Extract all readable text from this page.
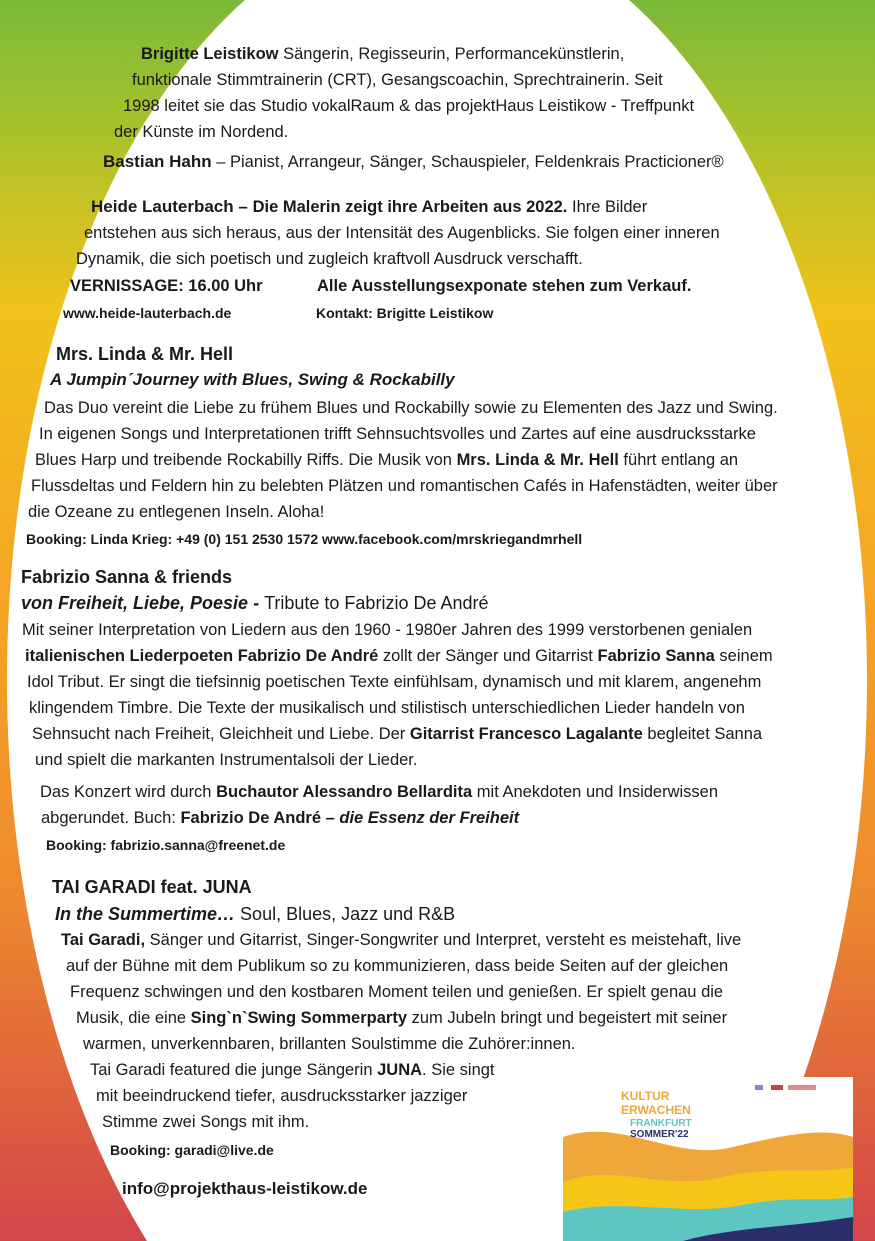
Brigitte Leistikow Sängerin, Regisseurin, Performancekünstlerin,
funktionale Stimmtrainerin (CRT), Gesangscoachin, Sprechtrainerin. Seit
1998 leitet sie das Studio vokalRaum & das projektHaus Leistikow - Treffpunkt
der Künste im Nordend.
Bastian Hahn – Pianist, Arrangeur, Sänger, Schauspieler, Feldenkrais Practicioner®
Heide Lauterbach – Die Malerin zeigt ihre Arbeiten aus 2022. Ihre Bilder
entstehen aus sich heraus, aus der Intensität des Augenblicks. Sie folgen einer inneren
Dynamik, die sich poetisch und zugleich kraftvoll Ausdruck verschafft.
VERNISSAGE: 16.00 Uhr	Alle Ausstellungsexponate stehen zum Verkauf.
www.heide-lauterbach.de	Kontakt: Brigitte Leistikow
Mrs. Linda & Mr. Hell
A Jumpin´Journey with Blues, Swing & Rockabilly
Das Duo vereint die Liebe zu frühem Blues und Rockabilly sowie zu Elementen des Jazz und Swing.
In eigenen Songs und Interpretationen trifft Sehnsuchtsvolles und Zartes auf eine ausdrucksstarke
Blues Harp und treibende Rockabilly Riffs. Die Musik von Mrs. Linda & Mr. Hell führt entlang an
Flussdeltas und Feldern hin zu belebten Plätzen und romantischen Cafés in Hafenstädten, weiter über
die Ozeane zu entlegenen Inseln. Aloha!
Booking: Linda Krieg: +49 (0) 151 2530 1572 www.facebook.com/mrskriegandmrhell
Fabrizio Sanna & friends
von Freiheit, Liebe, Poesie - Tribute to Fabrizio De André
Mit seiner Interpretation von Liedern aus den 1960 - 1980er Jahren des 1999 verstorbenen genialen
italienischen Liederpoeten Fabrizio De André zollt der Sänger und Gitarrist Fabrizio Sanna seinem
Idol Tribut. Er singt die tiefsinnig poetischen Texte einfühlsam, dynamisch und mit klarem, angenehm
klingendem Timbre. Die Texte der musikalisch und stilistisch unterschiedlichen Lieder handeln von
Sehnsucht nach Freiheit, Gleichheit und Liebe. Der Gitarrist Francesco Lagalante begleitet Sanna
und spielt die markanten Instrumentalsoli der Lieder.
Das Konzert wird durch Buchautor Alessandro Bellardita mit Anekdoten und Insiderwissen
abgerundet. Buch: Fabrizio De André – die Essenz der Freiheit
Booking: fabrizio.sanna@freenet.de
TAI GARADI feat. JUNA
In the Summertime… Soul, Blues, Jazz und R&B
Tai Garadi, Sänger und Gitarrist, Singer-Songwriter und Interpret, versteht es meistehaft, live
auf der Bühne mit dem Publikum so zu kommunizieren, dass beide Seiten auf der gleichen
Frequenz schwingen und den kostbaren Moment teilen und genießen. Er spielt genau die
Musik, die eine Sing`n`Swing Sommerparty zum Jubeln bringt und begeistert mit seiner
warmen, unverkennbaren, brillanten Soulstimme die Zuhörer:innen.
Tai Garadi featured die junge Sängerin JUNA. Sie singt
mit beeindruckend tiefer, ausdrucksstarker jazziger
Stimme zwei Songs mit ihm.
Booking: garadi@live.de
info@projekthaus-leistikow.de
KULTUR
ERWACHEN
FRANKFURT
SOMMER'22
